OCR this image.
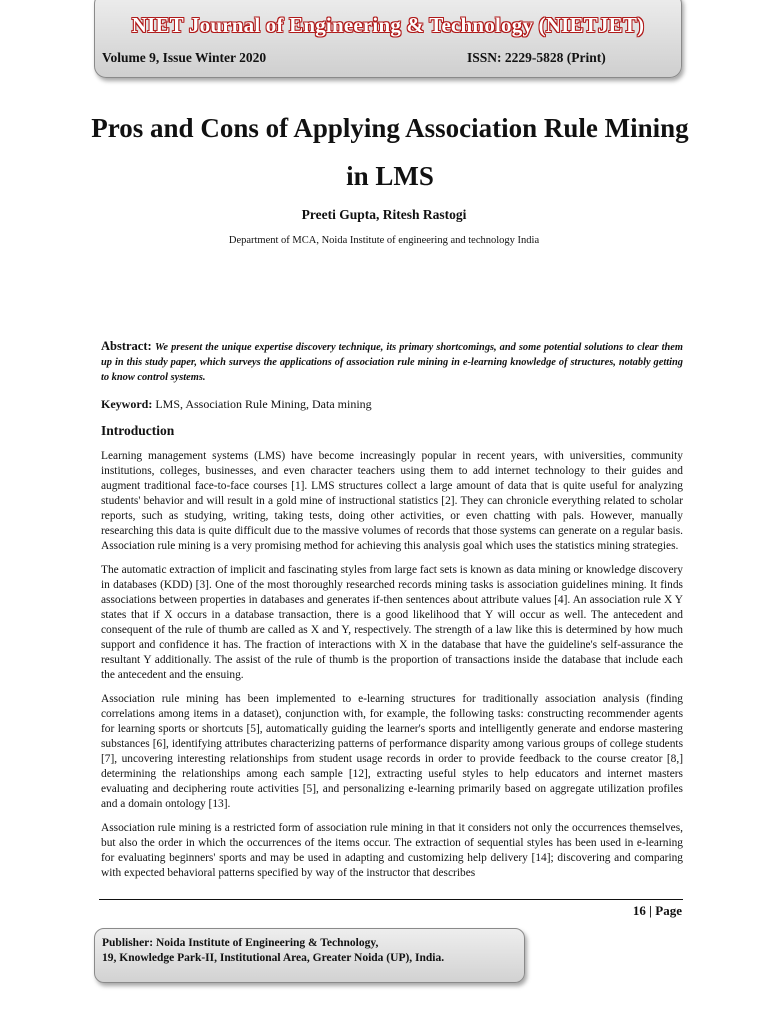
NIET Journal of Engineering & Technology (NIETJET)
Volume 9, Issue Winter 2020	ISSN: 2229-5828 (Print)
Pros and Cons of Applying Association Rule Mining in LMS
Preeti Gupta, Ritesh Rastogi
Department of MCA, Noida Institute of engineering and technology India

Abstract: We present the unique expertise discovery technique, its primary shortcomings, and some potential solutions to clear them up in this study paper, which surveys the applications of association rule mining in e-learning knowledge of structures, notably getting to know control systems.

Keyword: LMS, Association Rule Mining, Data mining

Introduction

Learning management systems (LMS) have become increasingly popular in recent years, with universities, community institutions, colleges, businesses, and even character teachers using them to add internet technology to their guides and augment traditional face-to-face courses [1]. LMS structures collect a large amount of data that is quite useful for analyzing students' behavior and will result in a gold mine of instructional statistics [2]. They can chronicle everything related to scholar reports, such as studying, writing, taking tests, doing other activities, or even chatting with pals. However, manually researching this data is quite difficult due to the massive volumes of records that those systems can generate on a regular basis. Association rule mining is a very promising method for achieving this analysis goal which uses the statistics mining strategies.

The automatic extraction of implicit and fascinating styles from large fact sets is known as data mining or knowledge discovery in databases (KDD) [3]. One of the most thoroughly researched records mining tasks is association guidelines mining. It finds associations between properties in databases and generates if-then sentences about attribute values [4]. An association rule X Y states that if X occurs in a database transaction, there is a good likelihood that Y will occur as well. The antecedent and consequent of the rule of thumb are called as X and Y, respectively. The strength of a law like this is determined by how much support and confidence it has. The fraction of interactions with X in the database that have the guideline's self-assurance the resultant Y additionally. The assist of the rule of thumb is the proportion of transactions inside the database that include each the antecedent and the ensuing.

Association rule mining has been implemented to e-learning structures for traditionally association analysis (finding correlations among items in a dataset), conjunction with, for example, the following tasks: constructing recommender agents for learning sports or shortcuts [5], automatically guiding the learner's sports and intelligently generate and endorse mastering substances [6], identifying attributes characterizing patterns of performance disparity among various groups of college students [7], uncovering interesting relationships from student usage records in order to provide feedback to the course creator [8,] determining the relationships among each sample [12], extracting useful styles to help educators and internet masters evaluating and deciphering route activities [5], and personalizing e-learning primarily based on aggregate utilization profiles and a domain ontology [13].

Association rule mining is a restricted form of association rule mining in that it considers not only the occurrences themselves, but also the order in which the occurrences of the items occur. The extraction of sequential styles has been used in e-learning for evaluating beginners' sports and may be used in adapting and customizing help delivery [14]; discovering and comparing with expected behavioral patterns specified by way of the instructor that describes

16 | Page
Publisher: Noida Institute of Engineering & Technology,
19, Knowledge Park-II, Institutional Area, Greater Noida (UP), India.
